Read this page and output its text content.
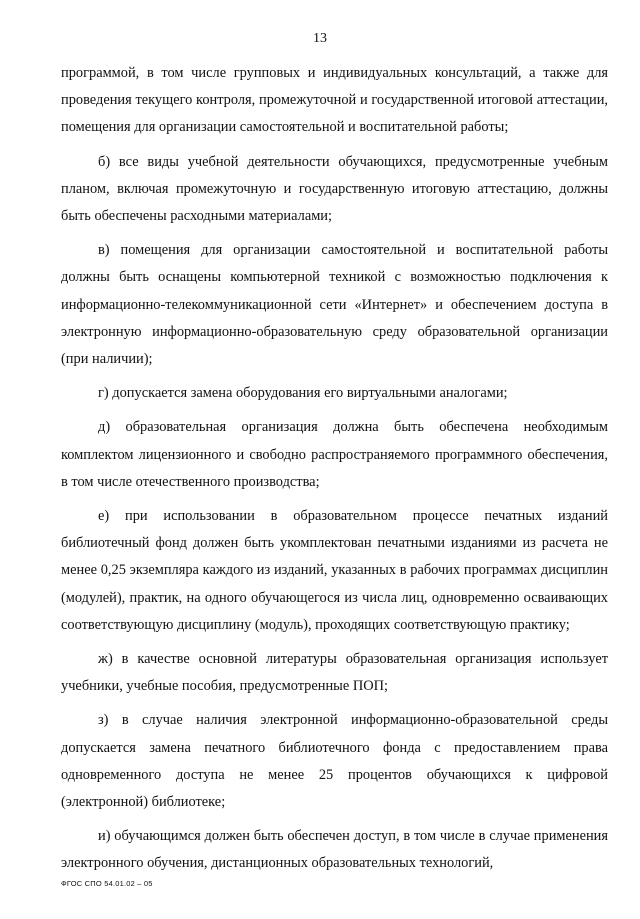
13

программой, в том числе групповых и индивидуальных консультаций, а также для проведения текущего контроля, промежуточной и государственной итоговой аттестации, помещения для организации самостоятельной и воспитательной работы;

б) все виды учебной деятельности обучающихся, предусмотренные учебным планом, включая промежуточную и государственную итоговую аттестацию, должны быть обеспечены расходными материалами;

в) помещения для организации самостоятельной и воспитательной работы должны быть оснащены компьютерной техникой с возможностью подключения к информационно-телекоммуникационной сети «Интернет» и обеспечением доступа в электронную информационно-образовательную среду образовательной организации (при наличии);

г) допускается замена оборудования его виртуальными аналогами;

д) образовательная организация должна быть обеспечена необходимым комплектом лицензионного и свободно распространяемого программного обеспечения, в том числе отечественного производства;

е) при использовании в образовательном процессе печатных изданий библиотечный фонд должен быть укомплектован печатными изданиями из расчета не менее 0,25 экземпляра каждого из изданий, указанных в рабочих программах дисциплин (модулей), практик, на одного обучающегося из числа лиц, одновременно осваивающих соответствующую дисциплину (модуль), проходящих соответствующую практику;

ж) в качестве основной литературы образовательная организация использует учебники, учебные пособия, предусмотренные ПОП;

з) в случае наличия электронной информационно-образовательной среды допускается замена печатного библиотечного фонда с предоставлением права одновременного доступа не менее 25 процентов обучающихся к цифровой (электронной) библиотеке;

и) обучающимся должен быть обеспечен доступ, в том числе в случае применения электронного обучения, дистанционных образовательных технологий,

ФГОС СПО 54.01.02 – 05
